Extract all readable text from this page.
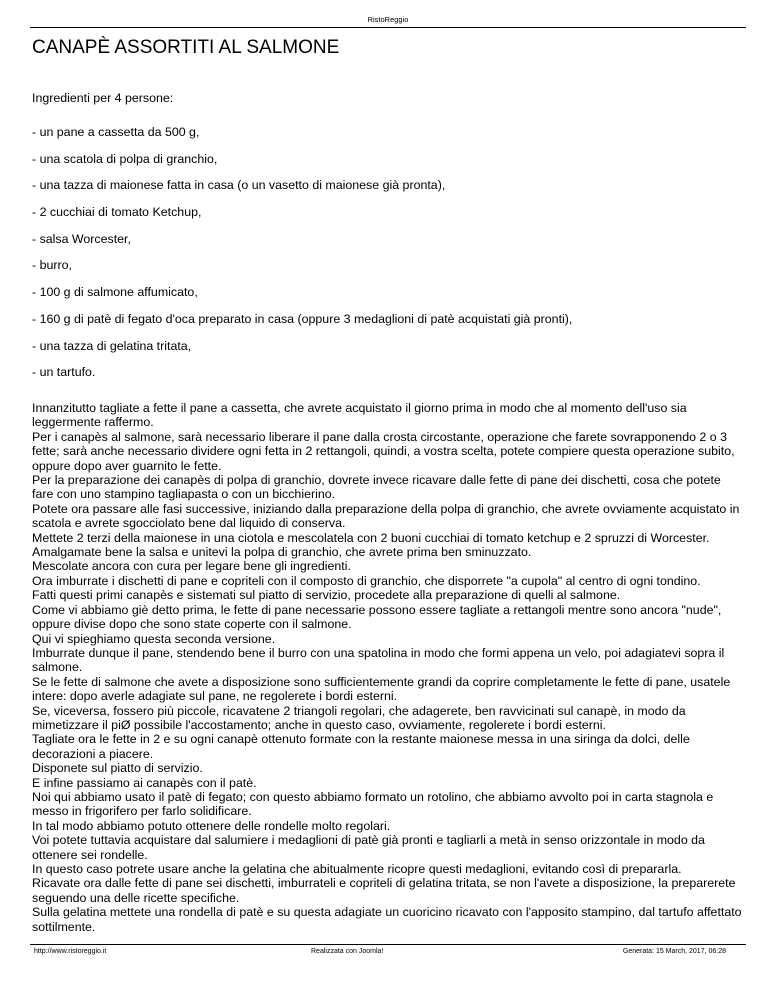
RistoReggio
CANAPÈ ASSORTITI AL SALMONE
Ingredienti per 4 persone:
- un pane a cassetta da 500 g,
- una scatola di polpa di granchio,
- una tazza di maionese fatta in casa (o un vasetto di maionese già pronta),
- 2 cucchiai di tomato Ketchup,
- salsa Worcester,
- burro,
- 100 g di salmone affumicato,
- 160 g di patè di fegato d'oca preparato in casa (oppure 3 medaglioni di patè acquistati già pronti),
- una tazza di gelatina tritata,
- un tartufo.

Innanzitutto tagliate a fette il pane a cassetta, che avrete acquistato il giorno prima in modo che al momento dell'uso sia leggermente raffermo.

Per i canapès al salmone, sarà necessario liberare il pane dalla crosta circostante, operazione che farete sovrapponendo 2 o 3 fette; sarà anche necessario dividere ogni fetta in 2 rettangoli, quindi, a vostra scelta, potete compiere questa operazione subito, oppure dopo aver guarnito le fette.

Per la preparazione dei canapès di polpa di granchio, dovrete invece ricavare dalle fette di pane dei dischetti, cosa che potete fare con uno stampino tagliapasta o con un bicchierino.

Potete ora passare alle fasi successive, iniziando dalla preparazione della polpa di granchio, che avrete ovviamente acquistato in scatola e avrete sgocciolato bene dal liquido di conserva.

Mettete 2 terzi della maionese in una ciotola e mescolatela con 2 buoni cucchiai di tomato ketchup e 2 spruzzi di Worcester.

Amalgamate bene la salsa e unitevi la polpa di granchio, che avrete prima ben sminuzzato.

Mescolate ancora con cura per legare bene gli ingredienti.

Ora imburrate i dischetti di pane e copriteli con il composto di granchio, che disporrete "a cupola" al centro di ogni tondino.

Fatti questi primi canapès e sistemati sul piatto di servizio, procedete alla preparazione di quelli al salmone.

Come vi abbiamo giè detto prima, le fette di pane necessarie possono essere tagliate a rettangoli mentre sono ancora "nude", oppure divise dopo che sono state coperte con il salmone.

Qui vi spieghiamo questa seconda versione.

Imburrate dunque il pane, stendendo bene il burro con una spatolina in modo che formi appena un velo, poi adagiatevi sopra il salmone.

Se le fette di salmone che avete a disposizione sono sufficientemente grandi da coprire completamente le fette di pane, usatele intere: dopo averle adagiate sul pane, ne regolerete i bordi esterni.

Se, viceversa, fossero più piccole, ricavatene 2 triangoli regolari, che adagerete, ben ravvicinati sul canapè, in modo da mimetizzare il piØ possibile l'accostamento; anche in questo caso, ovviamente, regolerete i bordi esterni.

Tagliate ora le fette in 2 e su ogni canapè ottenuto formate con la restante maionese messa in una siringa da dolci, delle decorazioni a piacere.

Disponete sul piatto di servizio.

E infine passiamo ai canapès con il patè.

Noi qui abbiamo usato il patè di fegato; con questo abbiamo formato un rotolino, che abbiamo avvolto poi in carta stagnola e messo in frigorifero per farlo solidificare.

In tal modo abbiamo potuto ottenere delle rondelle molto regolari.

Voi potete tuttavia acquistare dal salumiere i medaglioni di patè già pronti e tagliarli a metà in senso orizzontale in modo da ottenere sei rondelle.

In questo caso potrete usare anche la gelatina che abitualmente ricopre questi medaglioni, evitando così di prepararla.

Ricavate ora dalle fette di pane sei dischetti, imburrateli e copriteli di gelatina tritata, se non l'avete a disposizione, la preparerete seguendo una delle ricette specifiche.

Sulla gelatina mettete una rondella di patè e su questa adagiate un cuoricino ricavato con l'apposito stampino, dal tartufo affettato sottilmente.

http://www.ristoreggio.it	Realizzata con Joomla!	Generata: 15 March, 2017, 06:28
